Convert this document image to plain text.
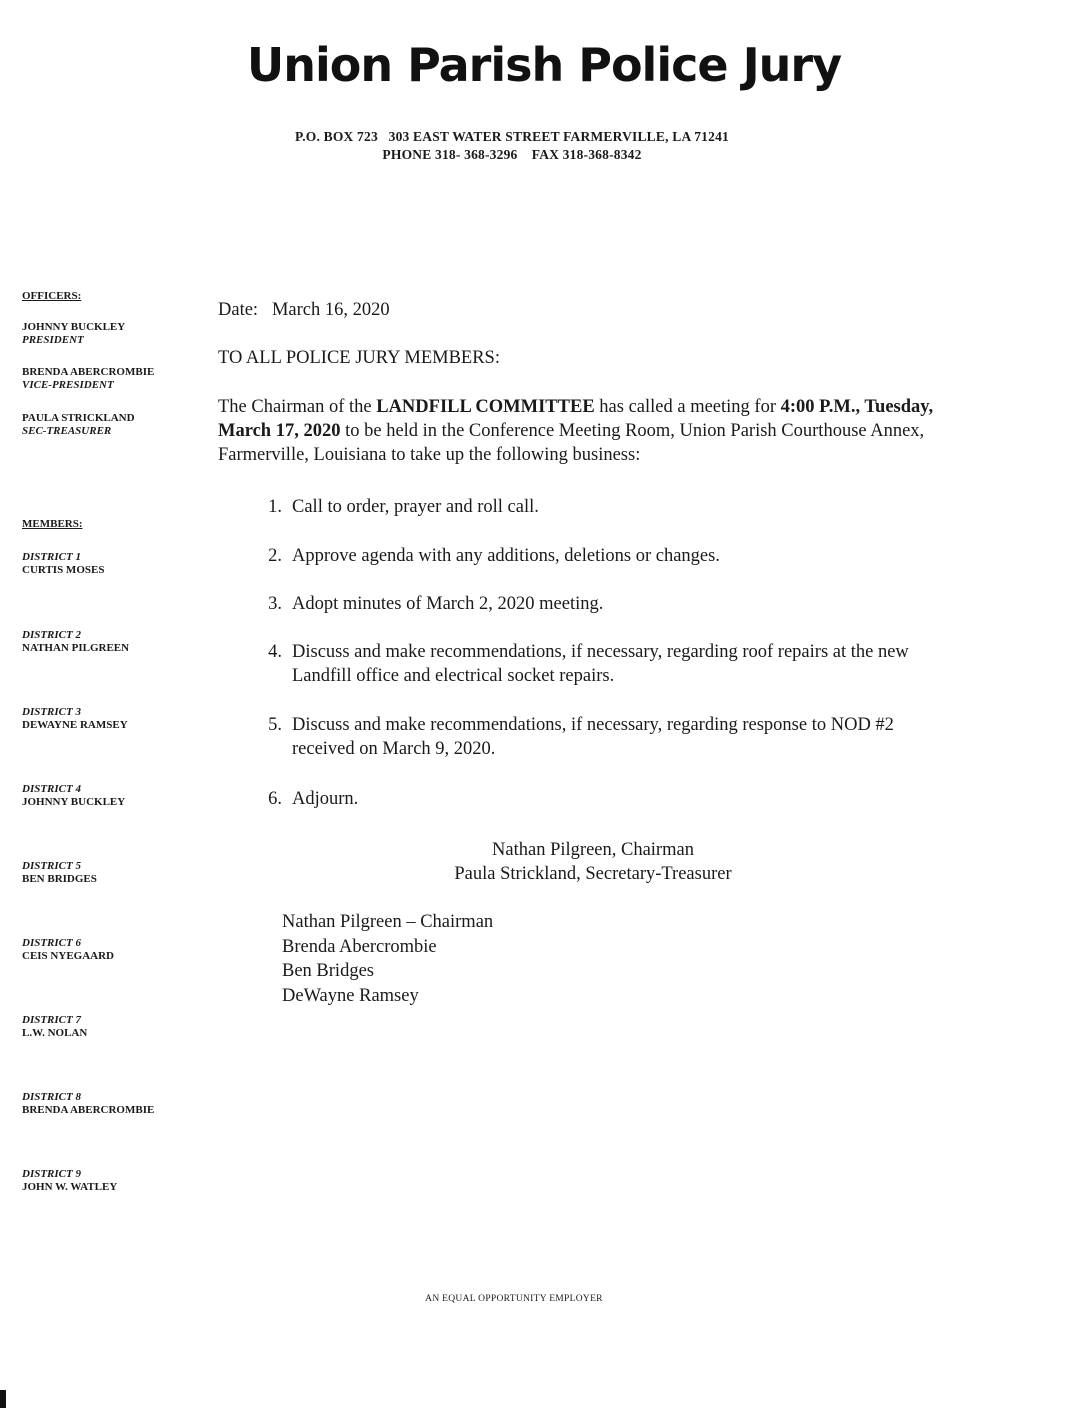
Union Parish Police Jury
P.O. BOX 723   303 EAST WATER STREET FARMERVILLE, LA 71241
PHONE 318- 368-3296    FAX 318-368-8342
OFFICERS:
JOHNNY BUCKLEY
PRESIDENT
BRENDA ABERCROMBIE
VICE-PRESIDENT
PAULA STRICKLAND
SEC-TREASURER
MEMBERS:
DISTRICT 1
CURTIS MOSES
DISTRICT 2
NATHAN PILGREEN
DISTRICT 3
DEWAYNE RAMSEY
DISTRICT 4
JOHNNY BUCKLEY
DISTRICT 5
BEN BRIDGES
DISTRICT 6
CEIS NYEGAARD
DISTRICT 7
L.W. NOLAN
DISTRICT 8
BRENDA ABERCROMBIE
DISTRICT 9
JOHN W. WATLEY
Date: March 16, 2020
TO ALL POLICE JURY MEMBERS:
The Chairman of the LANDFILL COMMITTEE has called a meeting for 4:00 P.M., Tuesday, March 17, 2020 to be held in the Conference Meeting Room, Union Parish Courthouse Annex, Farmerville, Louisiana to take up the following business:
1. Call to order, prayer and roll call.
2. Approve agenda with any additions, deletions or changes.
3. Adopt minutes of March 2, 2020 meeting.
4. Discuss and make recommendations, if necessary, regarding roof repairs at the new Landfill office and electrical socket repairs.
5. Discuss and make recommendations, if necessary, regarding response to NOD #2 received on March 9, 2020.
6. Adjourn.
Nathan Pilgreen, Chairman
Paula Strickland, Secretary-Treasurer
Nathan Pilgreen – Chairman
Brenda Abercrombie
Ben Bridges
DeWayne Ramsey
AN EQUAL OPPORTUNITY EMPLOYER
